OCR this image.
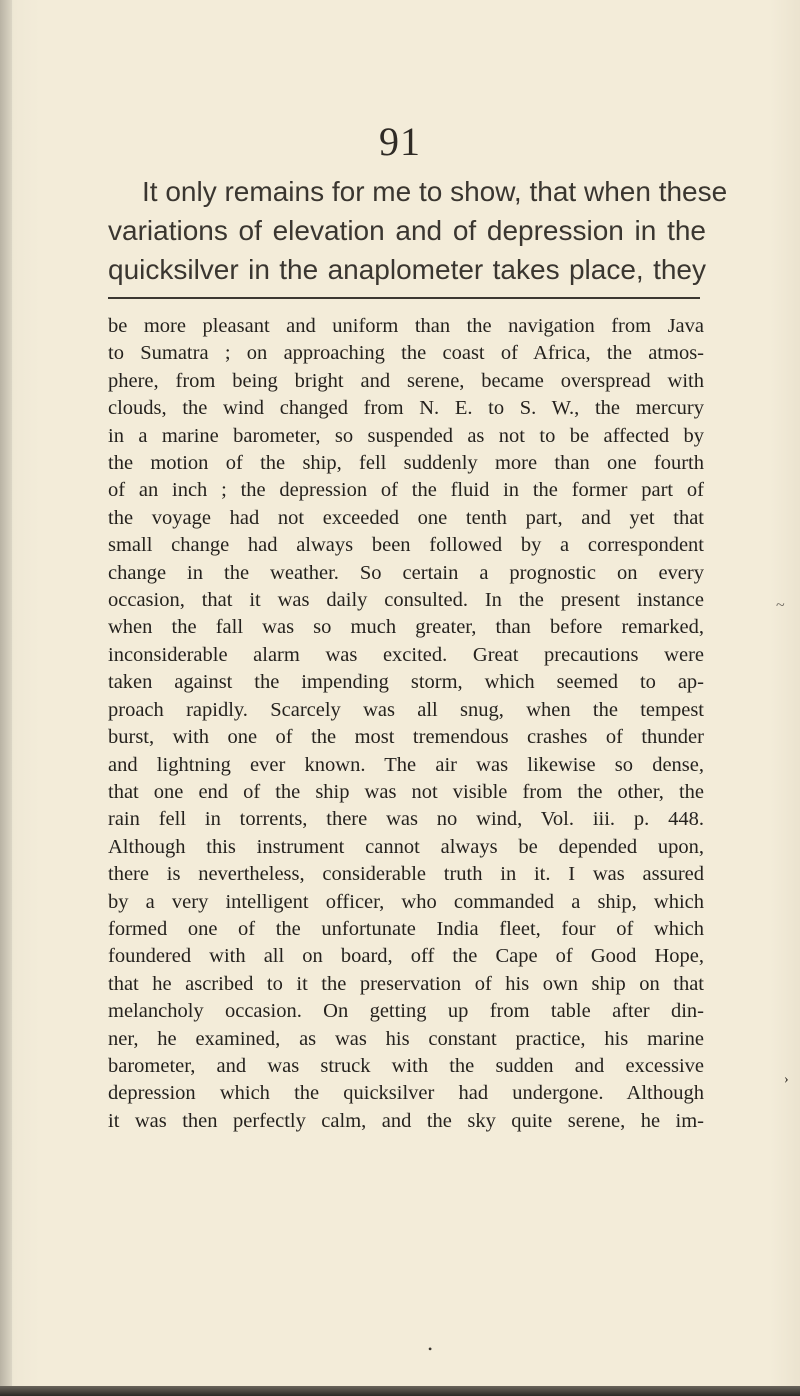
91
It only remains for me to show, that when these
variations of elevation and of depression in the
quicksilver in the anaplometer takes place, they
be more pleasant and uniform than the navigation from Java
to Sumatra ; on approaching the coast of Africa, the atmos-
phere, from being bright and serene, became overspread with
clouds, the wind changed from N. E. to S. W., the mercury
in a marine barometer, so suspended as not to be affected by
the motion of the ship, fell suddenly more than one fourth
of an inch ; the depression of the fluid in the former part of
the voyage had not exceeded one tenth part, and yet that
small change had always been followed by a correspondent
change in the weather. So certain a prognostic on every
occasion, that it was daily consulted. In the present instance
when the fall was so much greater, than before remarked,
inconsiderable alarm was excited. Great precautions were
taken against the impending storm, which seemed to ap-
proach rapidly. Scarcely was all snug, when the tempest
burst, with one of the most tremendous crashes of thunder
and lightning ever known. The air was likewise so dense,
that one end of the ship was not visible from the other, the
rain fell in torrents, there was no wind, Vol. iii. p. 448.
Although this instrument cannot always be depended upon,
there is nevertheless, considerable truth in it. I was assured
by a very intelligent officer, who commanded a ship, which
formed one of the unfortunate India fleet, four of which
foundered with all on board, off the Cape of Good Hope,
that he ascribed to it the preservation of his own ship on that
melancholy occasion. On getting up from table after din-
ner, he examined, as was his constant practice, his marine
barometer, and was struck with the sudden and excessive
depression which the quicksilver had undergone. Although
it was then perfectly calm, and the sky quite serene, he im-
~
›
•
